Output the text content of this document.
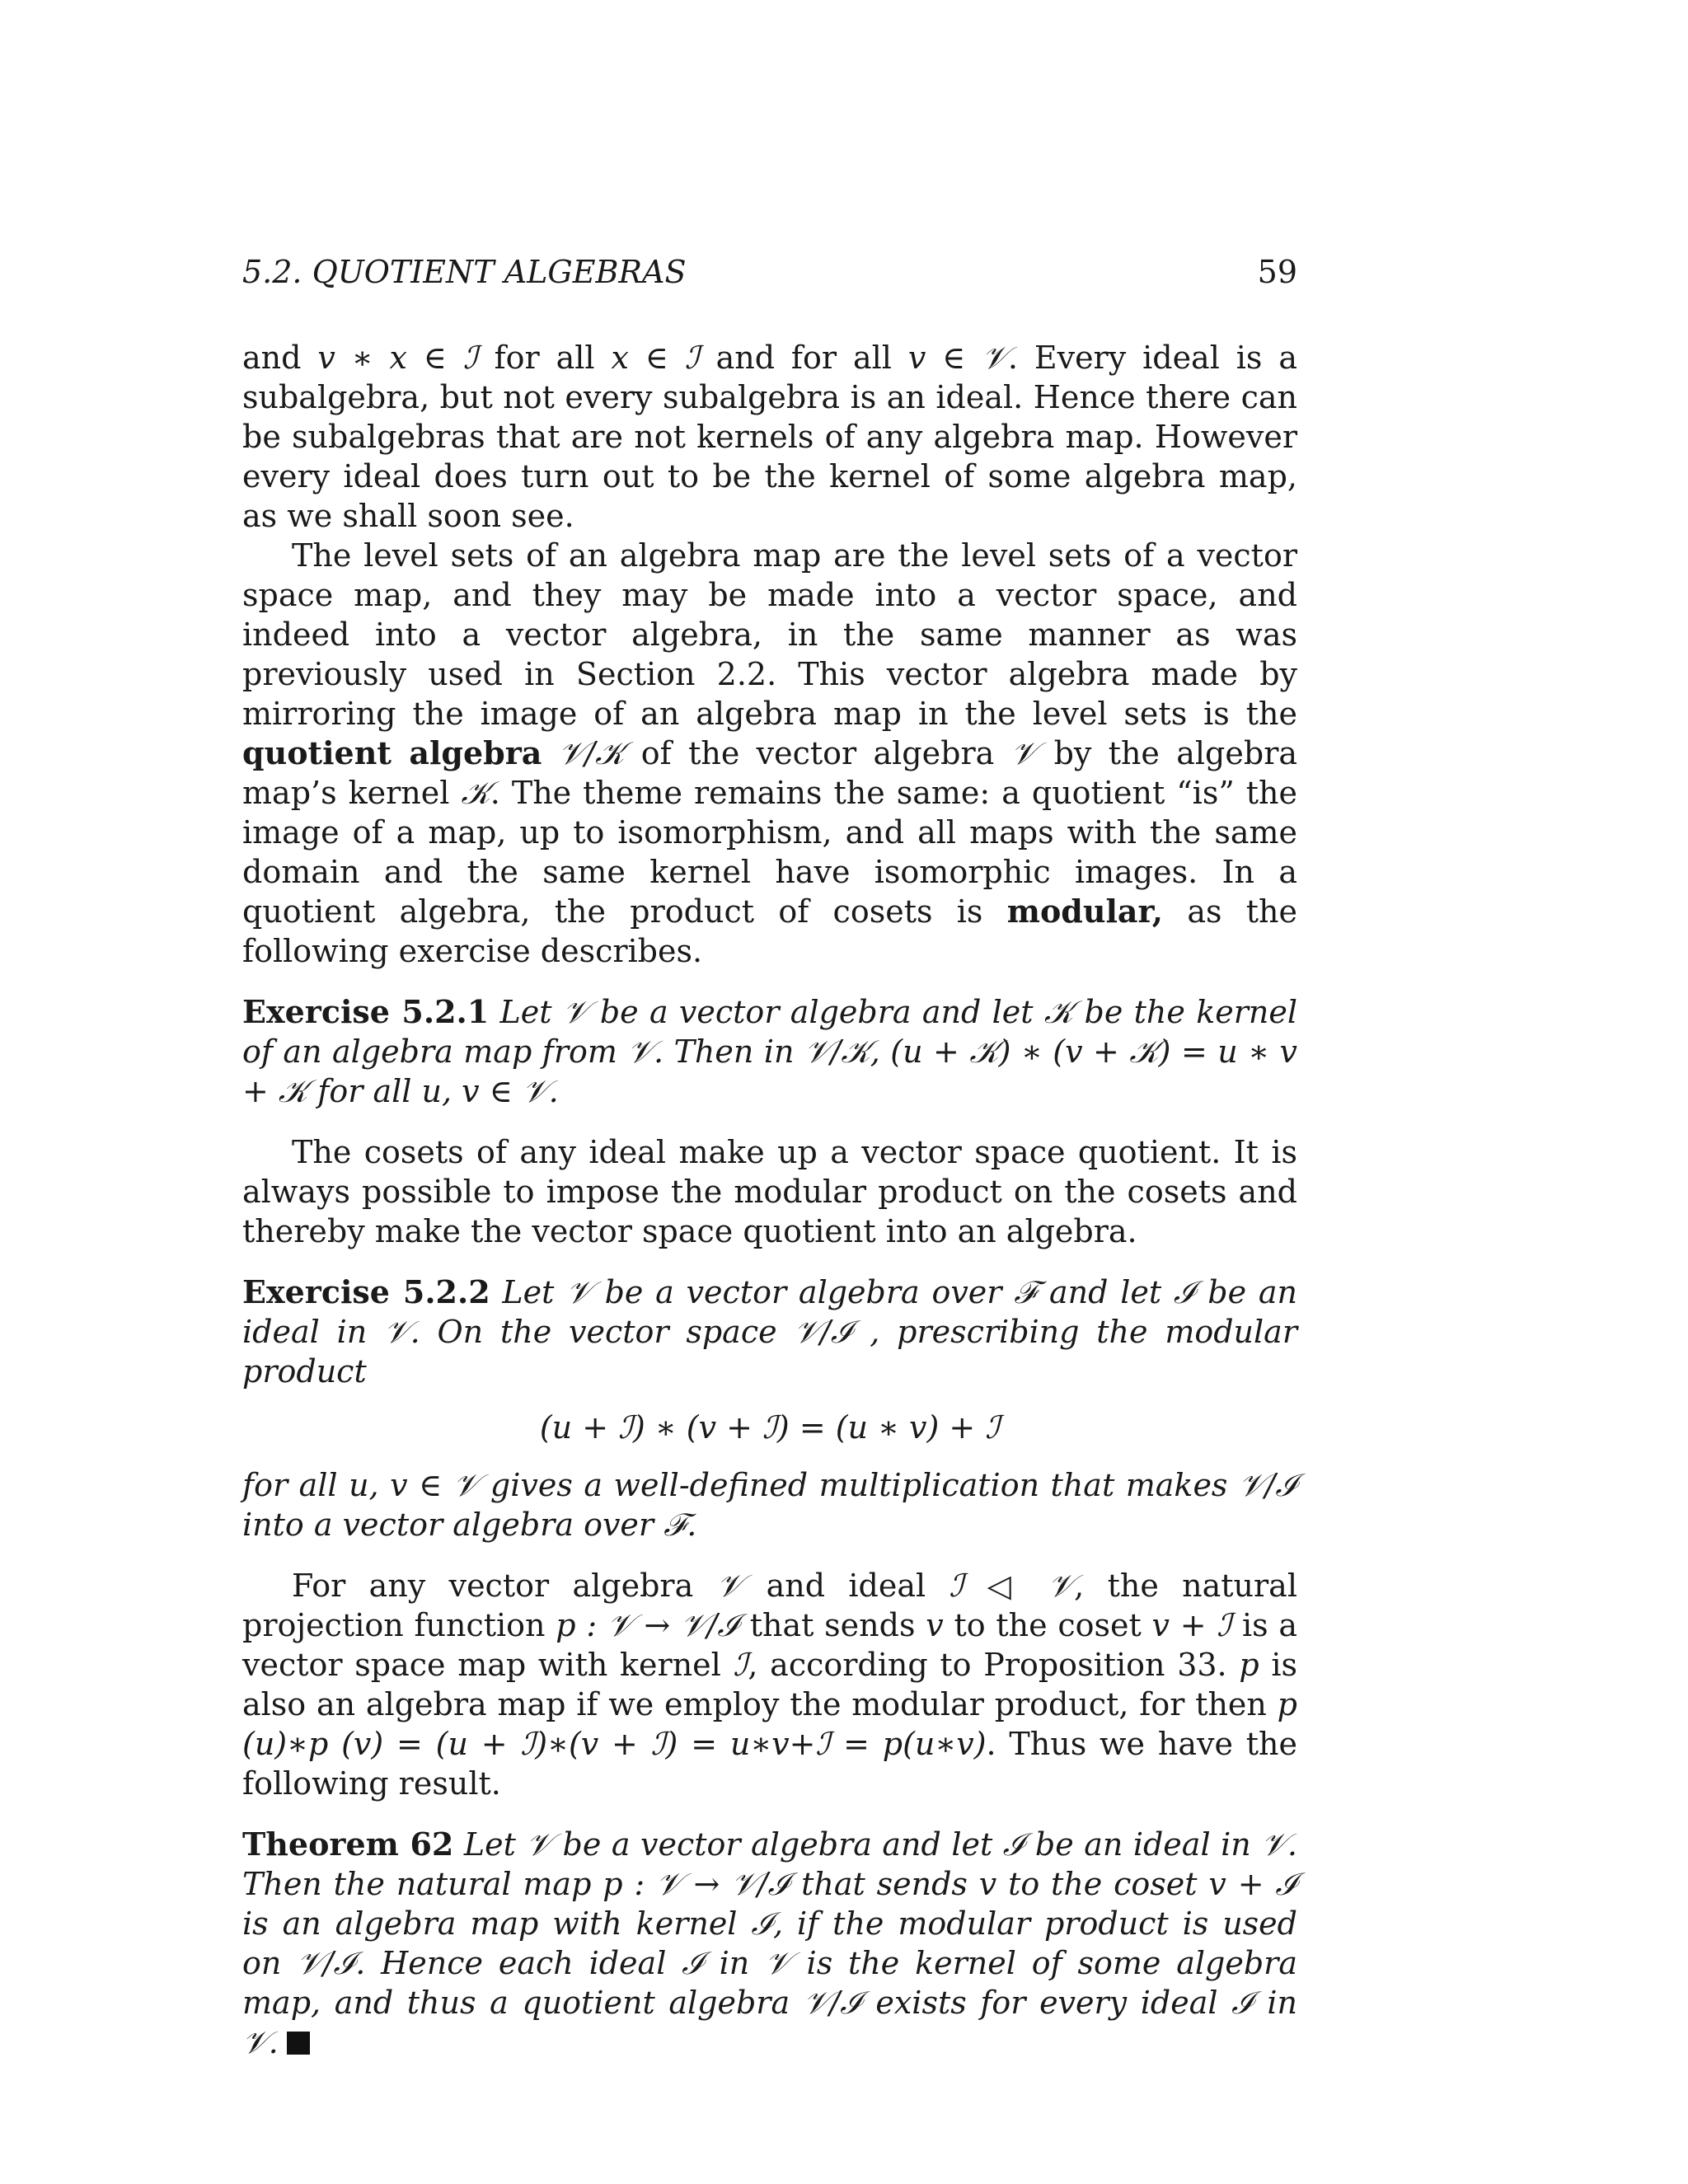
5.2. QUOTIENT ALGEBRAS	59

and v ∗ x ∈ ℐ for all x ∈ ℐ and for all v ∈ 𝒱. Every ideal is a subalgebra, but not every subalgebra is an ideal. Hence there can be subalgebras that are not kernels of any algebra map. However every ideal does turn out to be the kernel of some algebra map, as we shall soon see.

The level sets of an algebra map are the level sets of a vector space map, and they may be made into a vector space, and indeed into a vector algebra, in the same manner as was previously used in Section 2.2. This vector algebra made by mirroring the image of an algebra map in the level sets is the quotient algebra 𝒱/𝒦 of the vector algebra 𝒱 by the algebra map’s kernel 𝒦. The theme remains the same: a quotient “is” the image of a map, up to isomorphism, and all maps with the same domain and the same kernel have isomorphic images. In a quotient algebra, the product of cosets is modular, as the following exercise describes.

Exercise 5.2.1 Let 𝒱 be a vector algebra and let 𝒦 be the kernel of an algebra map from 𝒱. Then in 𝒱/𝒦, (u + 𝒦) ∗ (v + 𝒦) = u ∗ v + 𝒦 for all u, v ∈ 𝒱.

The cosets of any ideal make up a vector space quotient. It is always possible to impose the modular product on the cosets and thereby make the vector space quotient into an algebra.

Exercise 5.2.2 Let 𝒱 be a vector algebra over ℱ and let ℐ be an ideal in 𝒱. On the vector space 𝒱/ℐ , prescribing the modular product

(u + ℐ) ∗ (v + ℐ) = (u ∗ v) + ℐ

for all u, v ∈ 𝒱 gives a well-defined multiplication that makes 𝒱/ℐ into a vector algebra over ℱ.

For any vector algebra 𝒱 and ideal ℐ ◁ 𝒱, the natural projection function p : 𝒱 → 𝒱/ℐ that sends v to the coset v + ℐ is a vector space map with kernel ℐ, according to Proposition 33. p is also an algebra map if we employ the modular product, for then p (u)∗p (v) = (u + ℐ)∗(v + ℐ) = u∗v+ℐ = p(u∗v). Thus we have the following result.

Theorem 62 Let 𝒱 be a vector algebra and let ℐ be an ideal in 𝒱. Then the natural map p : 𝒱 → 𝒱/ℐ that sends v to the coset v + ℐ is an algebra map with kernel ℐ, if the modular product is used on 𝒱/ℐ. Hence each ideal ℐ in 𝒱 is the kernel of some algebra map, and thus a quotient algebra 𝒱/ℐ exists for every ideal ℐ in 𝒱.
